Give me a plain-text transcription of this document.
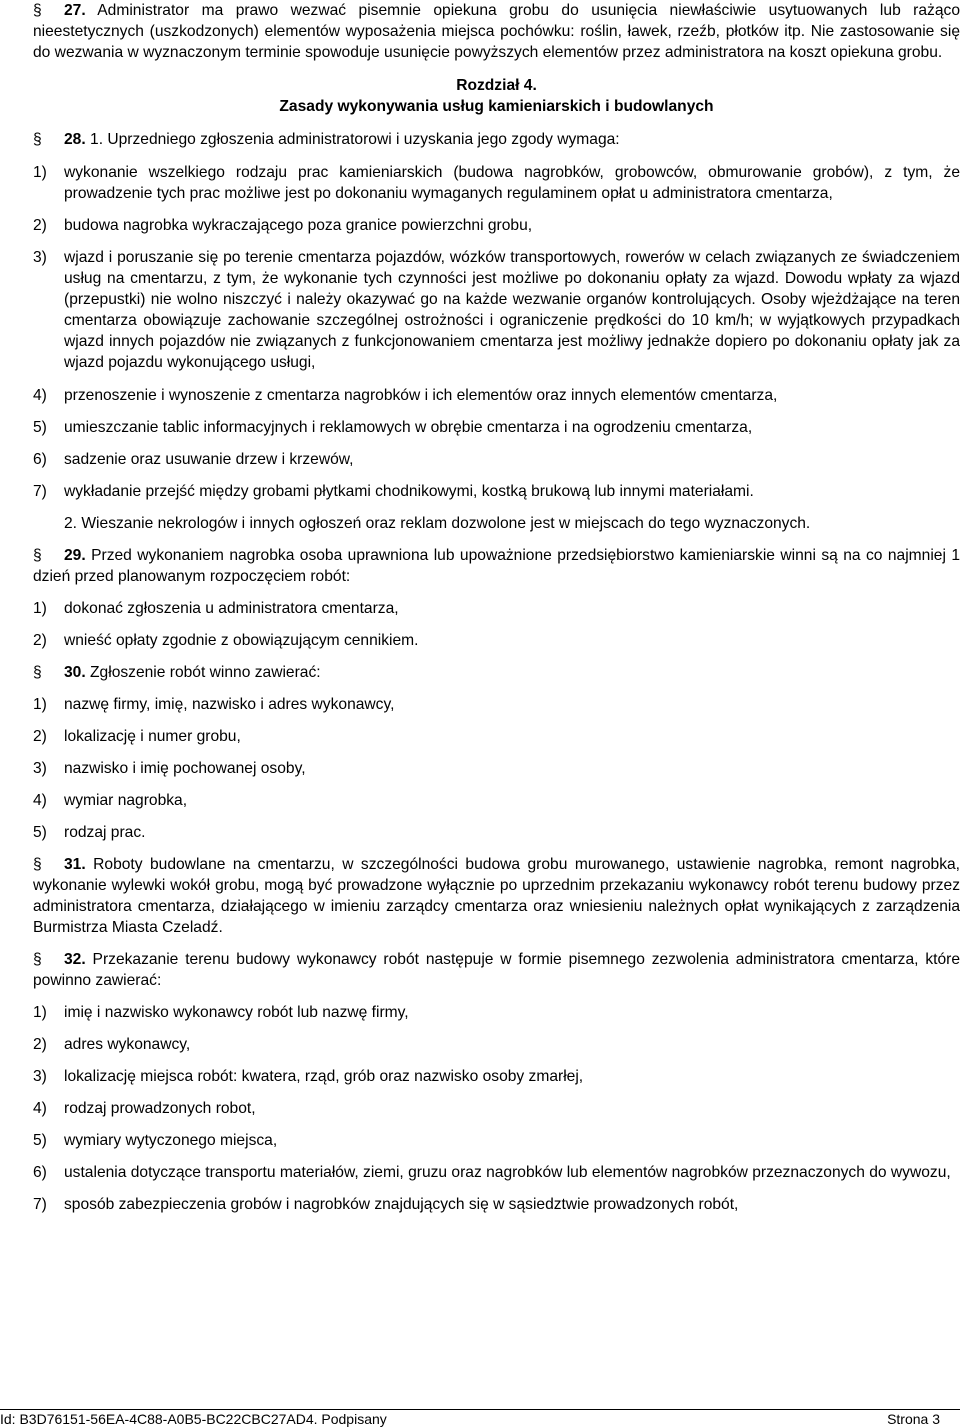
§ 27. Administrator ma prawo wezwać pisemnie opiekuna grobu do usunięcia niewłaściwie usytuowanych lub rażąco nieestetycznych (uszkodzonych) elementów wyposażenia miejsca pochówku: roślin, ławek, rzeźb, płotków itp. Nie zastosowanie się do wezwania w wyznaczonym terminie spowoduje usunięcie powyższych elementów przez administratora na koszt opiekuna grobu.

Rozdział 4.

Zasady wykonywania usług kamieniarskich i budowlanych

§ 28. 1. Uprzedniego zgłoszenia administratorowi i uzyskania jego zgody wymaga:

1)	wykonanie wszelkiego rodzaju prac kamieniarskich (budowa nagrobków, grobowców, obmurowanie grobów), z tym, że prowadzenie tych prac możliwe jest po dokonaniu wymaganych regulaminem opłat u administratora cmentarza,
2)	budowa nagrobka wykraczającego poza granice powierzchni grobu,
3)	wjazd i poruszanie się po terenie cmentarza pojazdów, wózków transportowych, rowerów w celach związanych ze świadczeniem usług na cmentarzu, z tym, że wykonanie tych czynności jest możliwe po dokonaniu opłaty za wjazd. Dowodu wpłaty za wjazd (przepustki) nie wolno niszczyć i należy okazywać go na każde wezwanie organów kontrolujących. Osoby wjeżdżające na teren cmentarza obowiązuje zachowanie szczególnej ostrożności i ograniczenie prędkości do 10 km/h; w wyjątkowych przypadkach wjazd innych pojazdów nie związanych z funkcjonowaniem cmentarza jest możliwy jednakże dopiero po dokonaniu opłaty jak za wjazd pojazdu wykonującego usługi,
4)	przenoszenie i wynoszenie z cmentarza nagrobków i ich elementów oraz innych elementów cmentarza,
5)	umieszczanie tablic informacyjnych i reklamowych w obrębie cmentarza i na ogrodzeniu cmentarza,
6)	sadzenie oraz usuwanie drzew i krzewów,
7)	wykładanie przejść między grobami płytkami chodnikowymi, kostką brukową lub innymi materiałami.

2. Wieszanie nekrologów i innych ogłoszeń oraz reklam dozwolone jest w miejscach do tego wyznaczonych.

§ 29. Przed wykonaniem nagrobka osoba uprawniona lub upoważnione przedsiębiorstwo kamieniarskie winni są na co najmniej 1 dzień przed planowanym rozpoczęciem robót:

1)	dokonać zgłoszenia u administratora cmentarza,
2)	wnieść opłaty zgodnie z obowiązującym cennikiem.

§ 30. Zgłoszenie robót winno zawierać:

1)	nazwę firmy, imię, nazwisko i adres wykonawcy,
2)	lokalizację i numer grobu,
3)	nazwisko i imię pochowanej osoby,
4)	wymiar nagrobka,
5)	rodzaj prac.

§ 31. Roboty budowlane na cmentarzu, w szczególności budowa grobu murowanego, ustawienie nagrobka, remont nagrobka, wykonanie wylewki wokół grobu, mogą być prowadzone wyłącznie po uprzednim przekazaniu wykonawcy robót terenu budowy przez administratora cmentarza, działającego w imieniu zarządcy cmentarza oraz wniesieniu należnych opłat wynikających z zarządzenia Burmistrza Miasta Czeladź.

§ 32. Przekazanie terenu budowy wykonawcy robót następuje w formie pisemnego zezwolenia administratora cmentarza, które powinno zawierać:

1)	imię i nazwisko wykonawcy robót lub nazwę firmy,
2)	adres wykonawcy,
3)	lokalizację miejsca robót: kwatera, rząd, grób oraz nazwisko osoby zmarłej,
4)	rodzaj prowadzonych robot,
5)	wymiary wytyczonego miejsca,
6)	ustalenia dotyczące transportu materiałów, ziemi, gruzu oraz nagrobków lub elementów nagrobków przeznaczonych do wywozu,
7)	sposób zabezpieczenia grobów i nagrobków znajdujących się w sąsiedztwie prowadzonych robót,
Id: B3D76151-56EA-4C88-A0B5-BC22CBC27AD4. Podpisany	Strona 3
